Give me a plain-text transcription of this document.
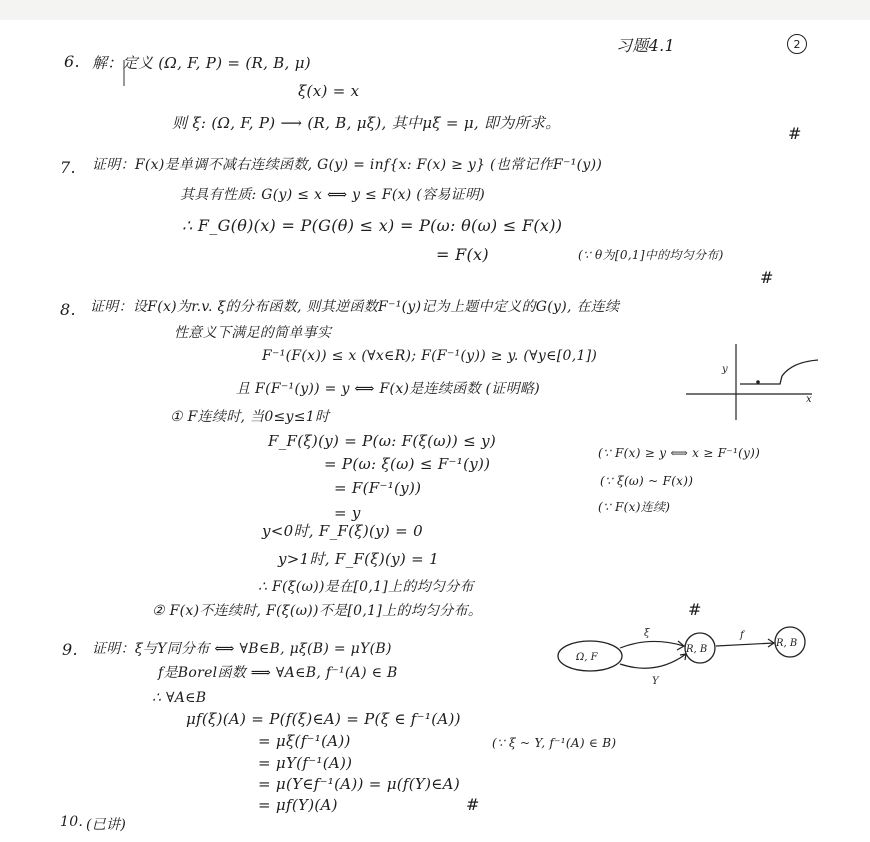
习题4.1	2
6. 解：定义 (Ω, F, P) = (R, B, μ)
ξ(x) = x
则 ξ: (Ω, F, P) ⟶ (R, B, μξ), 其中μξ = μ, 即为所求。
#
7. 证明：F(x)是单调不减右连续函数, G(y) = inf{x: F(x) ≥ y} (也常记作F⁻¹(y))
其具有性质: G(y) ≤ x ⟺ y ≤ F(x) (容易证明)
∴ F_G(θ)(x) = P(G(θ) ≤ x) = P(ω: θ(ω) ≤ F(x))
= F(x)	(∵ θ为[0,1]中的均匀分布)
#
8. 证明：设F(x)为r.v. ξ的分布函数, 则其逆函数F⁻¹(y)记为上题中定义的G(y), 在连续
性意义下满足的简单事实
F⁻¹(F(x)) ≤ x (∀x∈R); F(F⁻¹(y)) ≥ y. (∀y∈[0,1])
且 F(F⁻¹(y)) = y ⟺ F(x)是连续函数 (证明略)
① F连续时, 当0≤y≤1时
F_F(ξ)(y) = P(ω: F(ξ(ω)) ≤ y)
= P(ω: ξ(ω) ≤ F⁻¹(y))
= F(F⁻¹(y))
= y
y<0时, F_F(ξ)(y) = 0
y>1时, F_F(ξ)(y) = 1
∴ F(ξ(ω))是在[0,1]上的均匀分布
② F(x)不连续时, F(ξ(ω))不是[0,1]上的均匀分布。	#
(∵ F(x) ≥ y ⟺ x ≥ F⁻¹(y))
(∵ ξ(ω) ~ F(x))
(∵ F(x)连续)
y
x
9. 证明：ξ与Y同分布 ⟺ ∀B∈B, μξ(B) = μY(B)
f是Borel函数 ⟹ ∀A∈B, f⁻¹(A) ∈ B
∴ ∀A∈B
μf(ξ)(A) = P(f(ξ)∈A) = P(ξ ∈ f⁻¹(A))
= μξ(f⁻¹(A))
= μY(f⁻¹(A))
= μ(Y∈f⁻¹(A)) = μ(f(Y)∈A)
= μf(Y)(A)	#
(∵ ξ ~ Y, f⁻¹(A) ∈ B)
Ω, F
R, B
R, B
ξ
Y
f
10. (已讲)
